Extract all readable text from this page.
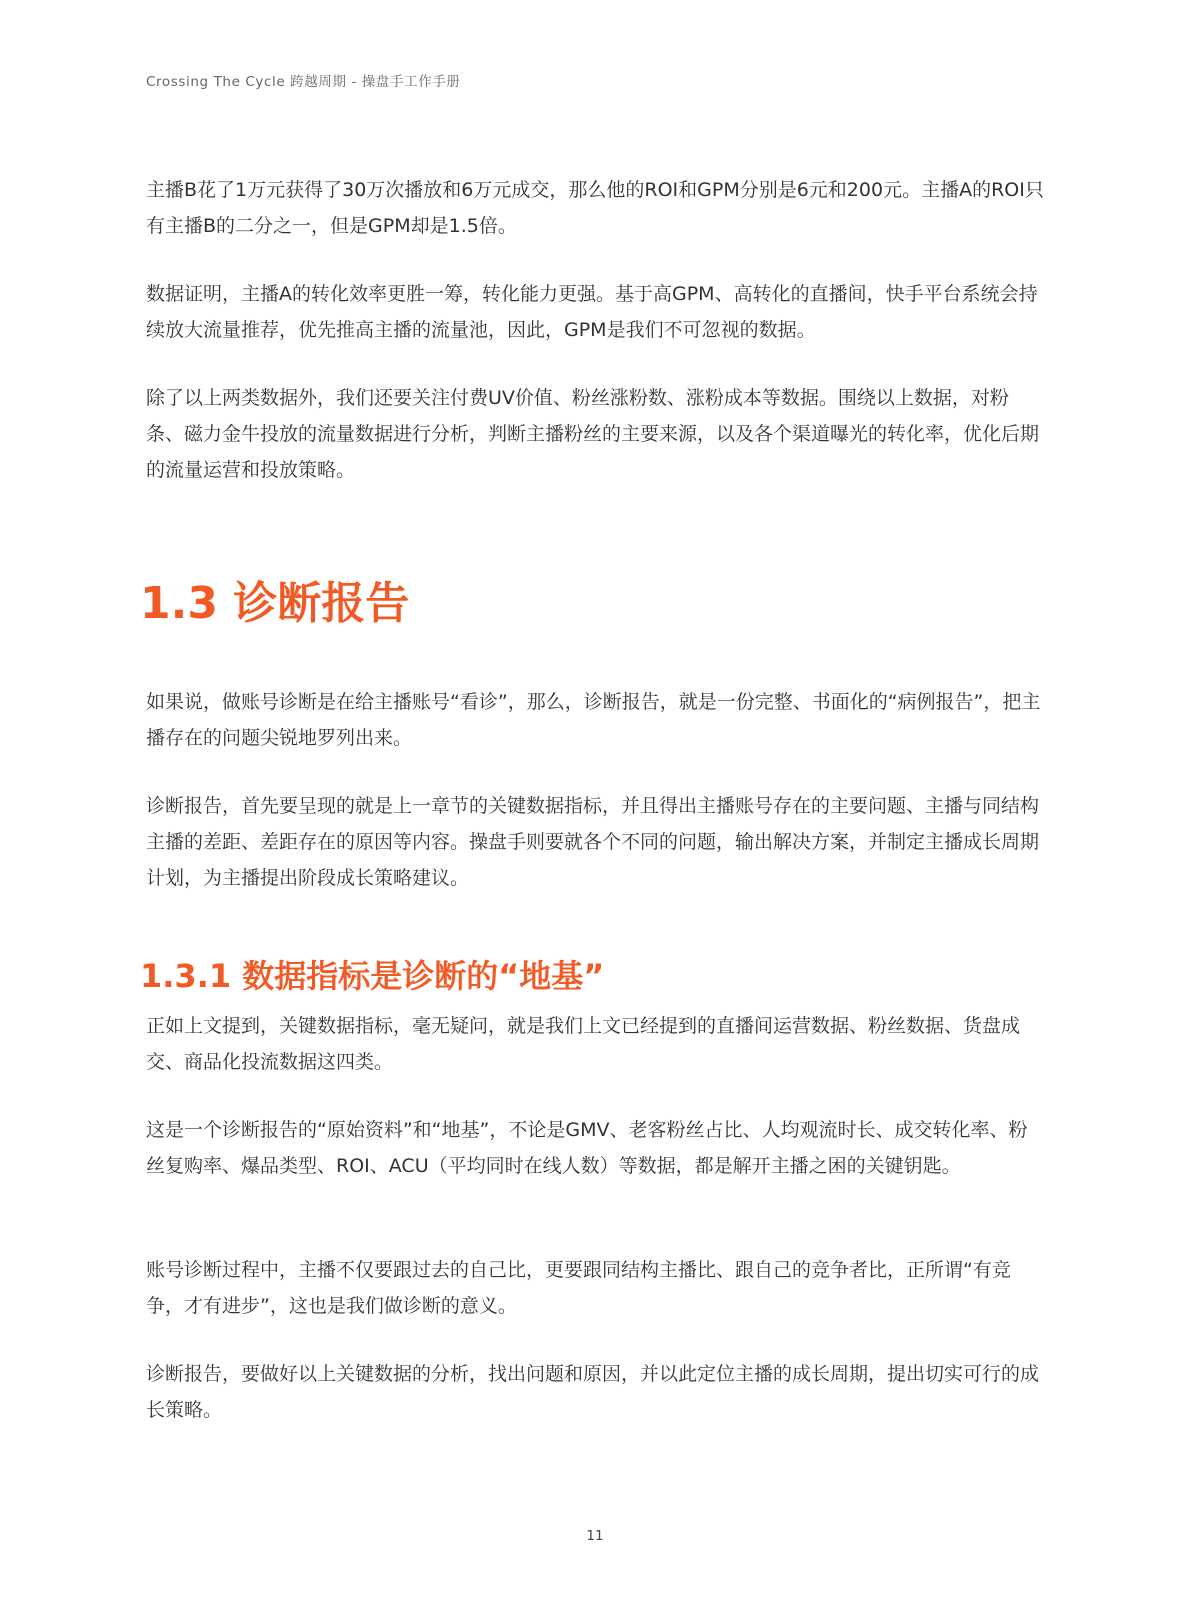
Crossing The Cycle 跨越周期 - 操盘手工作手册

主播B花了1万元获得了30万次播放和6万元成交，那么他的ROI和GPM分别是6元和200元。主播A的ROI只有主播B的二分之一，但是GPM却是1.5倍。

数据证明，主播A的转化效率更胜一筹，转化能力更强。基于高GPM、高转化的直播间，快手平台系统会持续放大流量推荐，优先推高主播的流量池，因此，GPM是我们不可忽视的数据。

除了以上两类数据外，我们还要关注付费UV价值、粉丝涨粉数、涨粉成本等数据。围绕以上数据，对粉条、磁力金牛投放的流量数据进行分析，判断主播粉丝的主要来源，以及各个渠道曝光的转化率，优化后期的流量运营和投放策略。

1.3 诊断报告

如果说，做账号诊断是在给主播账号“看诊”，那么，诊断报告，就是一份完整、书面化的“病例报告”，把主播存在的问题尖锐地罗列出来。

诊断报告，首先要呈现的就是上一章节的关键数据指标，并且得出主播账号存在的主要问题、主播与同结构主播的差距、差距存在的原因等内容。操盘手则要就各个不同的问题，输出解决方案，并制定主播成长周期计划，为主播提出阶段成长策略建议。

1.3.1 数据指标是诊断的“地基”

正如上文提到，关键数据指标，毫无疑问，就是我们上文已经提到的直播间运营数据、粉丝数据、货盘成交、商品化投流数据这四类。

这是一个诊断报告的“原始资料”和“地基”，不论是GMV、老客粉丝占比、人均观流时长、成交转化率、粉丝复购率、爆品类型、ROI、ACU（平均同时在线人数）等数据，都是解开主播之困的关键钥匙。

账号诊断过程中，主播不仅要跟过去的自己比，更要跟同结构主播比、跟自己的竞争者比，正所谓“有竞争，才有进步”，这也是我们做诊断的意义。

诊断报告，要做好以上关键数据的分析，找出问题和原因，并以此定位主播的成长周期，提出切实可行的成长策略。

11
